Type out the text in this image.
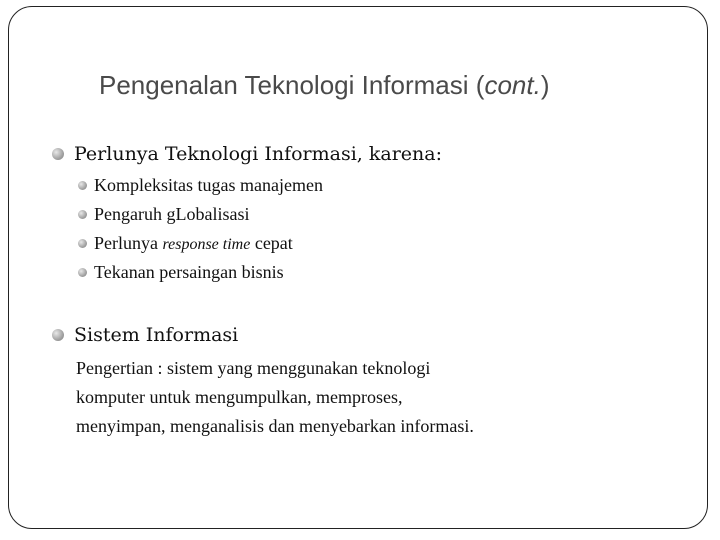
Pengenalan Teknologi Informasi (cont.)
Perlunya Teknologi Informasi, karena:
Kompleksitas tugas manajemen
Pengaruh gLobalisasi
Perlunya response time cepat
Tekanan persaingan bisnis
Sistem Informasi
Pengertian : sistem yang menggunakan teknologi komputer untuk mengumpulkan, memproses, menyimpan, menganalisis dan menyebarkan informasi.
